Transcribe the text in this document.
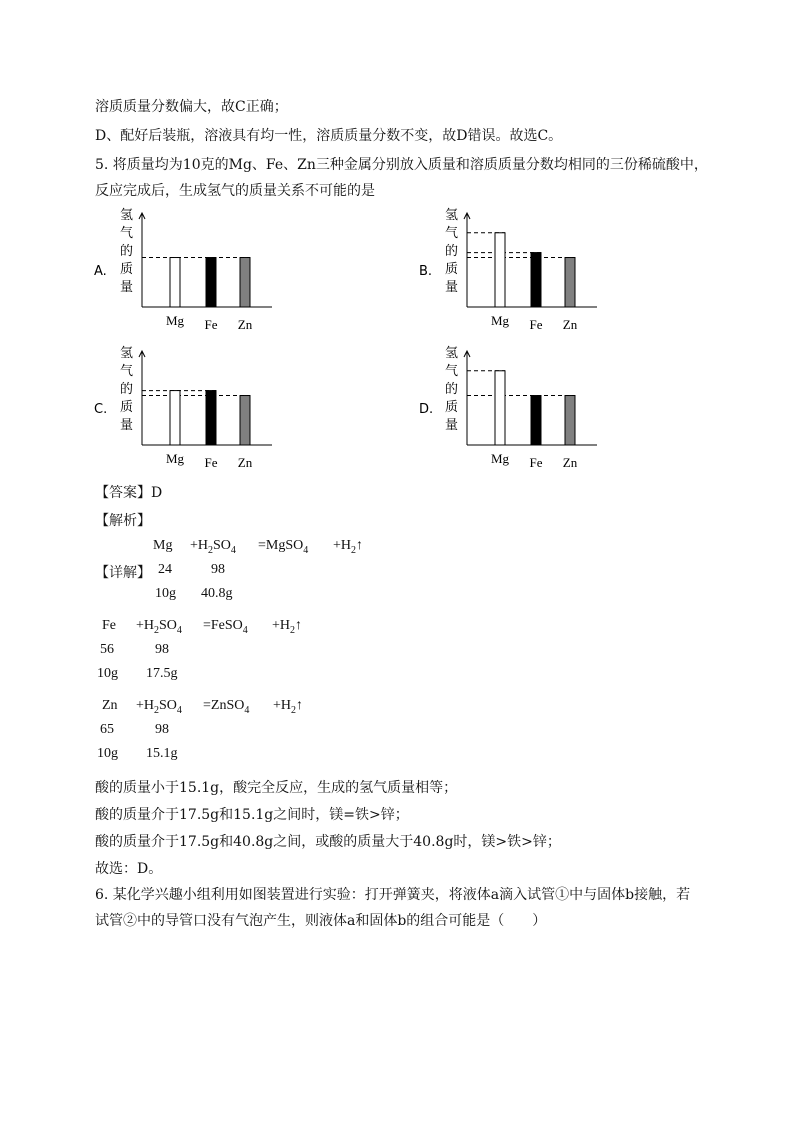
溶质质量分数偏大，故C正确；
D、配好后装瓶，溶液具有均一性，溶质质量分数不变，故D错误。故选C。
5. 将质量均为10克的Mg、Fe、Zn三种金属分别放入质量和溶质质量分数均相同的三份稀硫酸中，
反应完成后，生成氢气的质量关系不可能的是
A.
氢
气
的
质
量
Mg Fe Zn
B.
氢
气
的
质
量
Mg Fe Zn
C.
氢
气
的
质
量
Mg Fe Zn
D.
氢
气
的
质
量
Mg Fe Zn
【答案】D
【解析】
【详解】
$Mg +H_2SO_4$ =MgSO$_4$ $+H_2↑$
24	98
10g 40.8g
$Fe +H_2SO_4$ =FeSO$_4$ $+H_2↑$
56	98
10g 17.5g
$Zn +H_2SO_4$ =ZnSO$_4$ $+H_2↑$
65	98
10g 15.1g
酸的质量小于15.1g，酸完全反应，生成的氢气质量相等；
酸的质量介于17.5g和15.1g之间时，镁=铁>锌；
酸的质量介于17.5g和40.8g之间，或酸的质量大于40.8g时，镁>铁>锌；
故选：D。
6. 某化学兴趣小组利用如图装置进行实验：打开弹簧夹，将液体a滴入试管①中与固体b接触，若
试管②中的导管口没有气泡产生，则液体a和固体b的组合可能是（　　）
